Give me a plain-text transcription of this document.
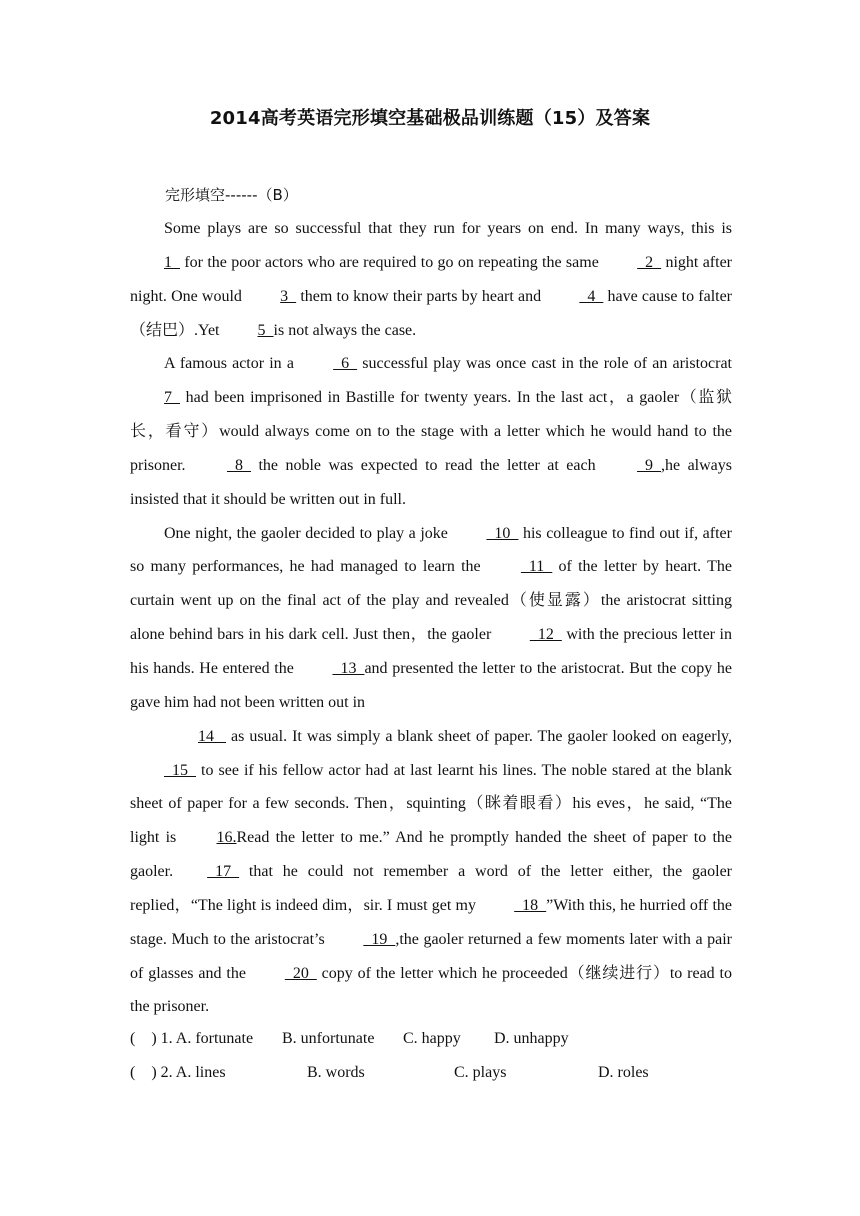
2014高考英语完形填空基础极品训练题（15）及答案
完形填空------（B）

Some plays are so successful that they run for years on end. In many ways, this is 1   for the poor actors who are required to go on repeating the same   2   night after night. One would 3   them to know their parts by heart and   4   have cause to falter（结巴）.Yet 5  is not always the case.

A famous actor in a   6   successful play was once cast in the role of an aristocrat 7   had been imprisoned in Bastille for twenty years. In the last act，a gaoler（监狱长，看守）would always come on to the stage with a letter which he would hand to the prisoner.   8   the noble was expected to read the letter at each   9  ,he always insisted that it should be written out in full.

One night, the gaoler decided to play a joke   10   his colleague to find out if, after so many performances, he had managed to learn the   11   of the letter by heart. The curtain went up on the final act of the play and revealed（使显露）the aristocrat sitting alone behind bars in his dark cell. Just then，the gaoler   12   with the precious letter in his hands. He entered the   13  and presented the letter to the aristocrat. But the copy he gave him had not been written out in

14    as usual. It was simply a blank sheet of paper. The gaoler looked on eagerly,  15   to see if his fellow actor had at last learnt his lines. The noble stared at the blank sheet of paper for a few seconds. Then，squinting（眯着眼看）his eves，he said, “The light is 16.Read the letter to me.” And he promptly handed the sheet of paper to the gaoler.  17   that he could not remember a word of the letter either, the gaoler replied，“The light is indeed dim，sir. I must get my   18  ”With this, he hurried off the stage. Much to the aristocrat’s   19  ,the gaoler returned a few moments later with a pair of glasses and the   20   copy of the letter which he proceeded（继续进行）to read to the prisoner.

(    ) 1. A. fortunate B. unfortunate C. happy D. unhappy
(    ) 2. A. lines	B. words	C. plays	D. roles
